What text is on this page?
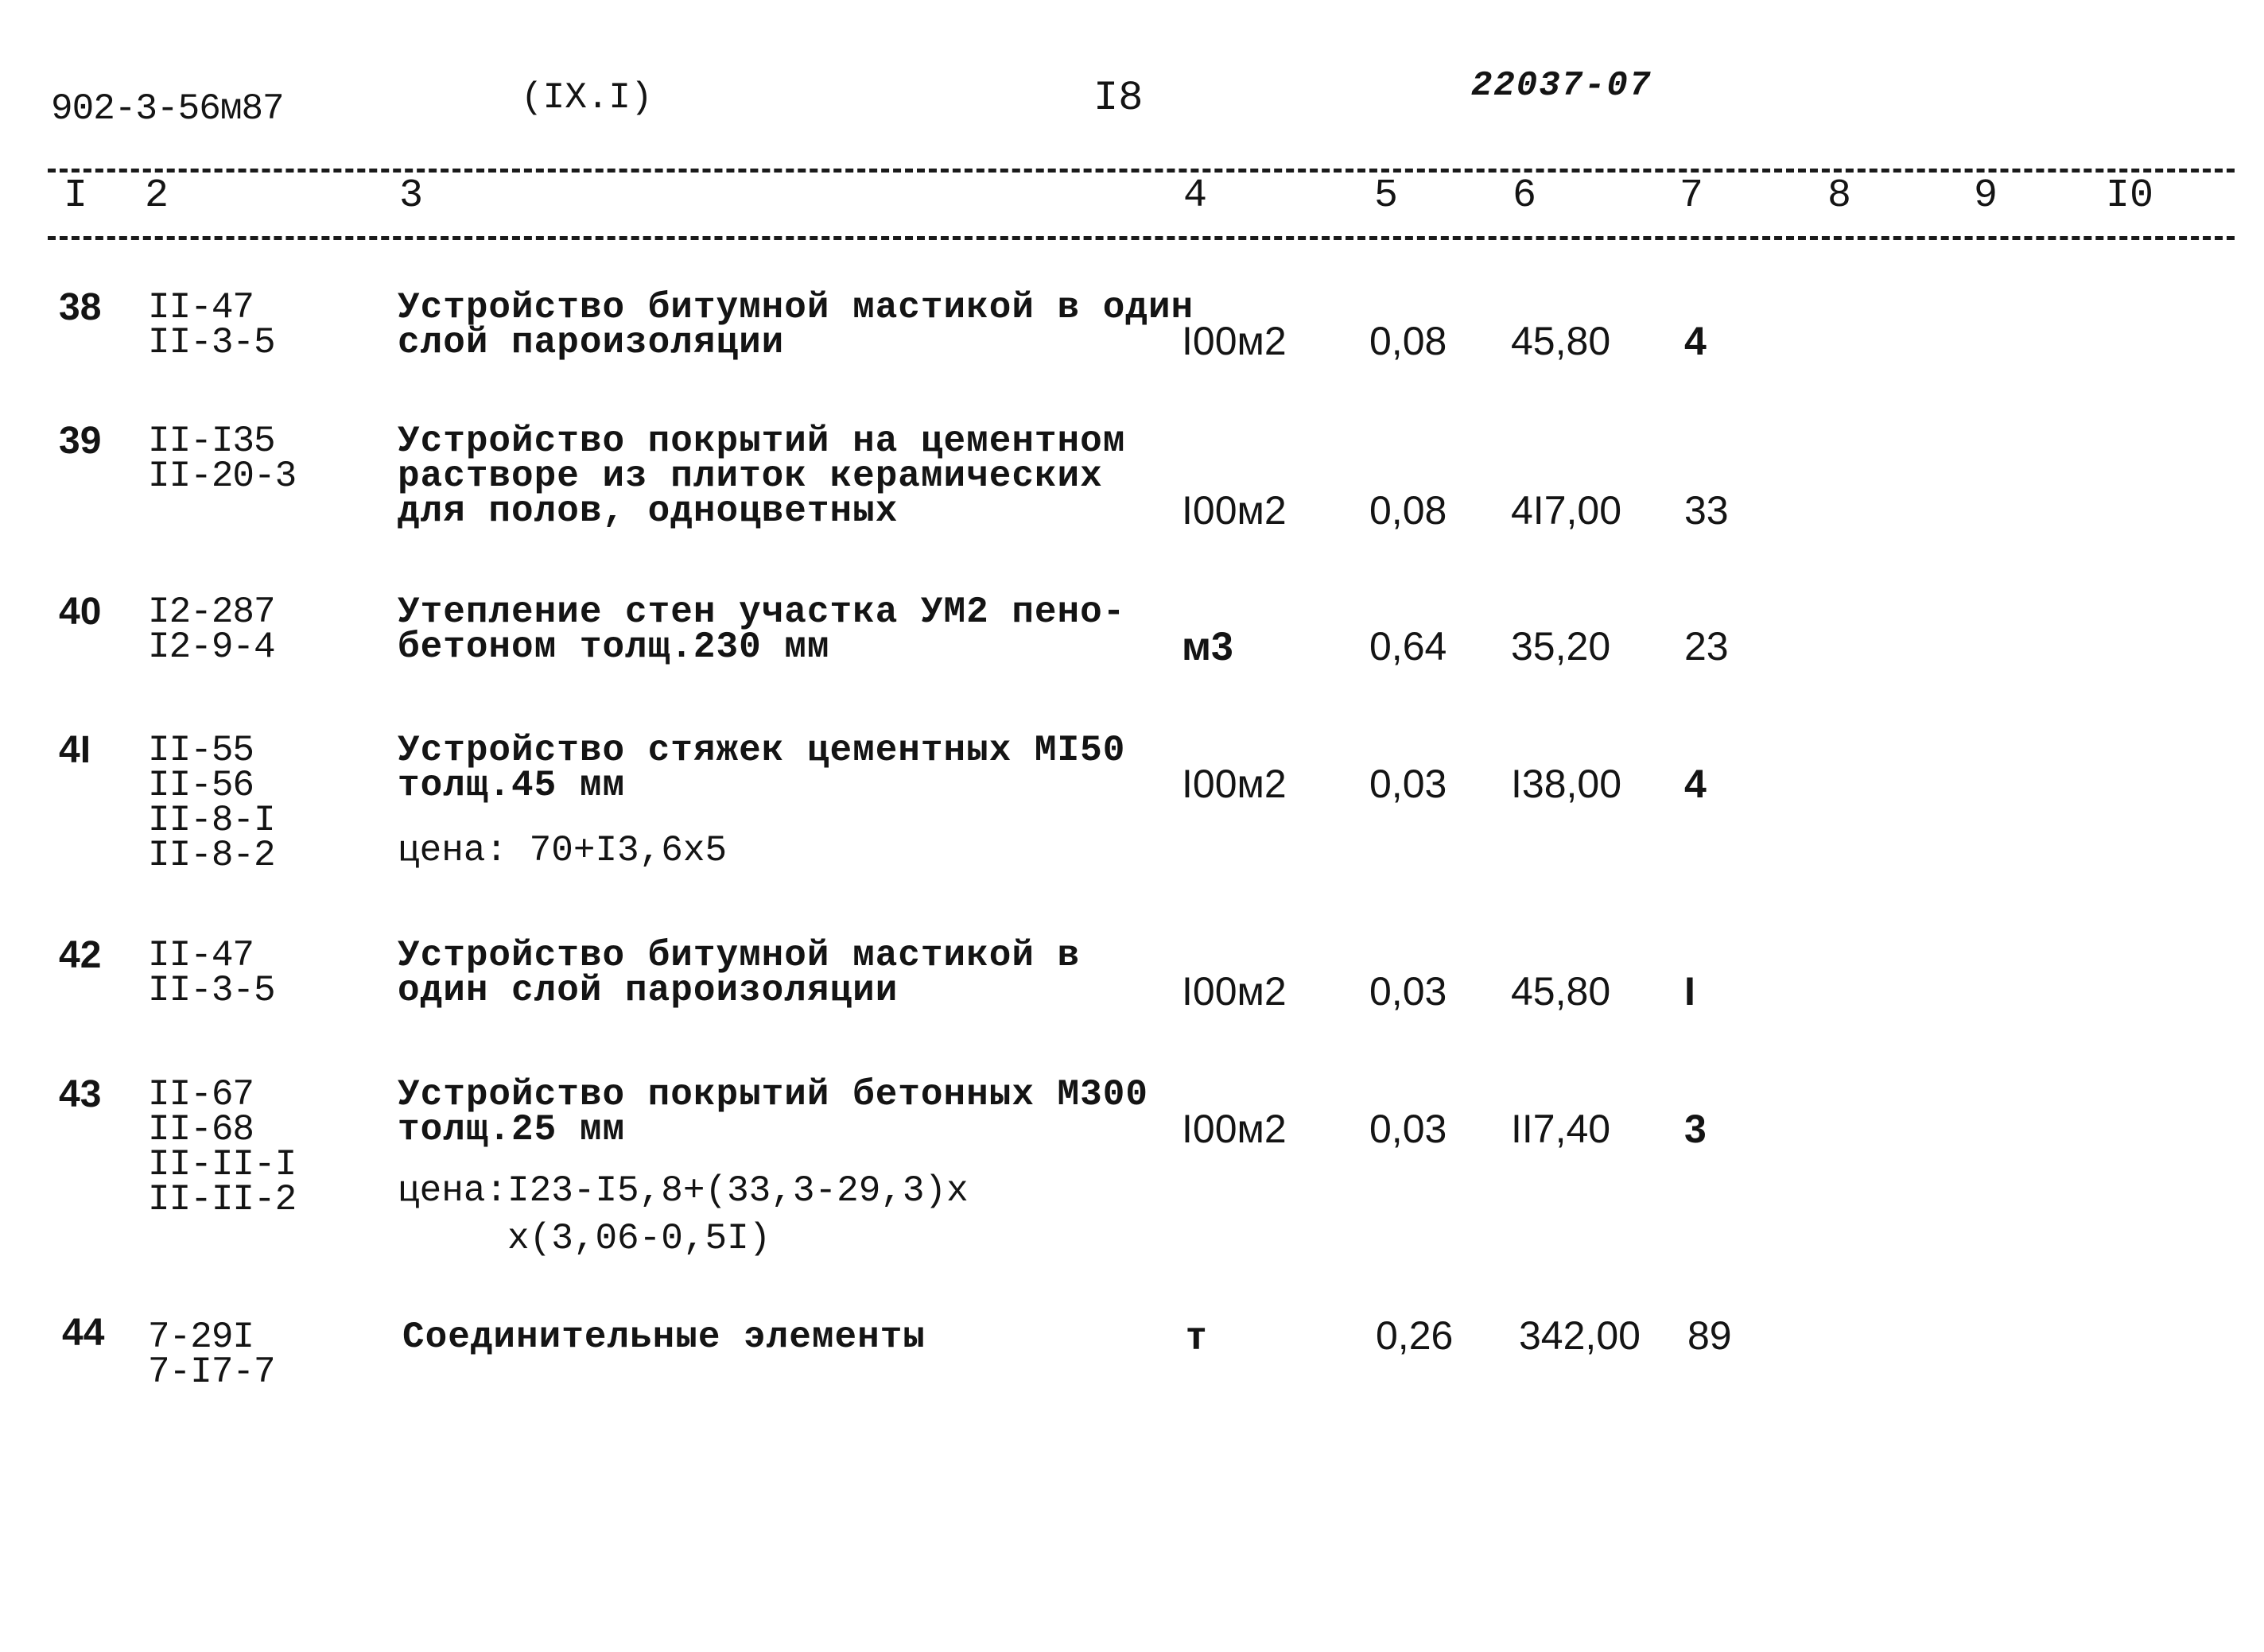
902-3-56м87	(IX.I)	I8	22037-07
I 2	3	4	5	6	7	8	9	I0
38 II-47
II-3-5
Устройство битумной мастикой в один
слой пароизоляции	I00м2 0,08 45,80 4
39 II-I35
II-20-3
Устройство покрытий на цементном
растворе из плиток керамических
для полов, одноцветных	I00м2 0,08 4I7,00 33
40 I2-287
I2-9-4
Утепление стен участка УМ2 пено-
бетоном толщ.230 мм	м3	0,64 35,20 23
4I II-55
II-56
II-8-I
II-8-2
Устройство стяжек цементных МI50
толщ.45 мм
цена: 70+I3,6х5
I00м2 0,03 I38,00 4
42 II-47
II-3-5
Устройство битумной мастикой в
один слой пароизоляции	I00м2 0,03 45,80 I
43 II-67
II-68
II-II-I
II-II-2
Устройство покрытий бетонных М300
толщ.25 мм
цена:I23-I5,8+(33,3-29,3)х
х(3,06-0,5I)
I00м2 0,03 II7,40 3
44 7-29I
7-I7-7
Соединительные элементы	т	0,26 342,00 89
